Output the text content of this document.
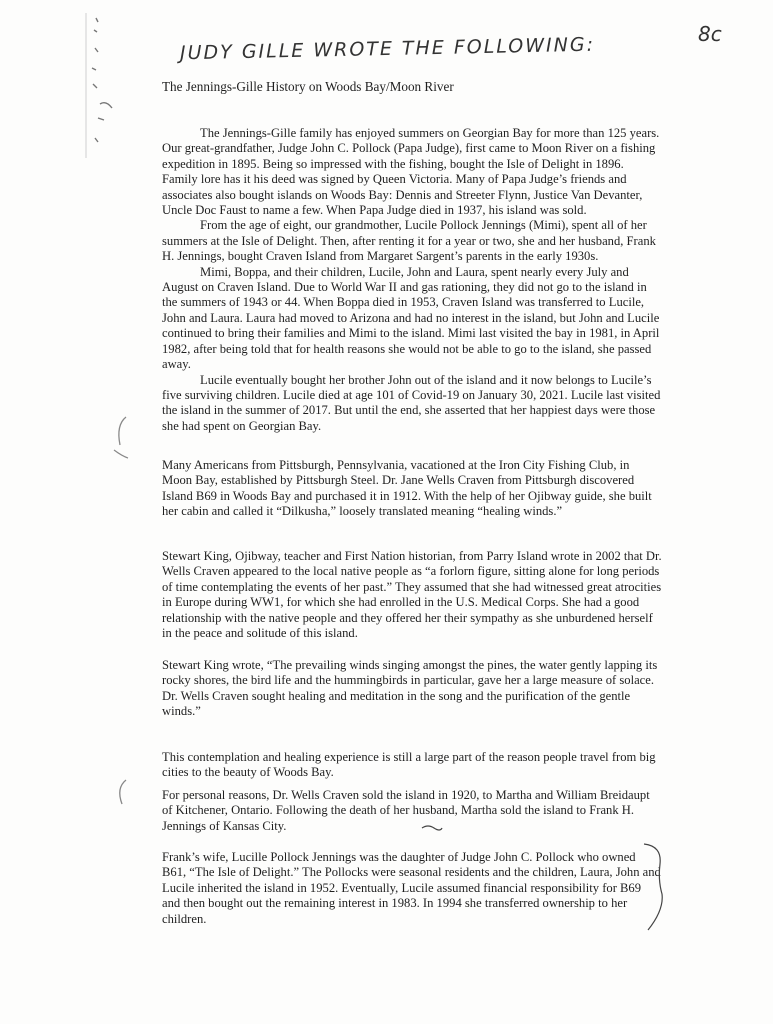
JUDY GILLE WROTE THE FOLLOWING:	8c
The Jennings-Gille History on Woods Bay/Moon River

The Jennings-Gille family has enjoyed summers on Georgian Bay for more than 125 years. Our great-grandfather, Judge John C. Pollock (Papa Judge), first came to Moon River on a fishing expedition in 1895. Being so impressed with the fishing, bought the Isle of Delight in 1896. Family lore has it his deed was signed by Queen Victoria. Many of Papa Judge’s friends and associates also bought islands on Woods Bay: Dennis and Streeter Flynn, Justice Van Devanter, Uncle Doc Faust to name a few. When Papa Judge died in 1937, his island was sold.

From the age of eight, our grandmother, Lucile Pollock Jennings (Mimi), spent all of her summers at the Isle of Delight. Then, after renting it for a year or two, she and her husband, Frank H. Jennings, bought Craven Island from Margaret Sargent’s parents in the early 1930s.

Mimi, Boppa, and their children, Lucile, John and Laura, spent nearly every July and August on Craven Island. Due to World War II and gas rationing, they did not go to the island in the summers of 1943 or 44. When Boppa died in 1953, Craven Island was transferred to Lucile, John and Laura. Laura had moved to Arizona and had no interest in the island, but John and Lucile continued to bring their families and Mimi to the island. Mimi last visited the bay in 1981, in April 1982, after being told that for health reasons she would not be able to go to the island, she passed away.

Lucile eventually bought her brother John out of the island and it now belongs to Lucile’s five surviving children. Lucile died at age 101 of Covid-19 on January 30, 2021. Lucile last visited the island in the summer of 2017. But until the end, she asserted that her happiest days were those she had spent on Georgian Bay.

Many Americans from Pittsburgh, Pennsylvania, vacationed at the Iron City Fishing Club, in Moon Bay, established by Pittsburgh Steel. Dr. Jane Wells Craven from Pittsburgh discovered Island B69 in Woods Bay and purchased it in 1912. With the help of her Ojibway guide, she built her cabin and called it “Dilkusha,” loosely translated meaning “healing winds.”
Stewart King, Ojibway, teacher and First Nation historian, from Parry Island wrote in 2002 that Dr. Wells Craven appeared to the local native people as “a forlorn figure, sitting alone for long periods of time contemplating the events of her past.” They assumed that she had witnessed great atrocities in Europe during WW1, for which she had enrolled in the U.S. Medical Corps. She had a good relationship with the native people and they offered her their sympathy as she unburdened herself in the peace and solitude of this island.
Stewart King wrote, “The prevailing winds singing amongst the pines, the water gently lapping its rocky shores, the bird life and the hummingbirds in particular, gave her a large measure of solace. Dr. Wells Craven sought healing and meditation in the song and the purification of the gentle winds.”
This contemplation and healing experience is still a large part of the reason people travel from big cities to the beauty of Woods Bay.
For personal reasons, Dr. Wells Craven sold the island in 1920, to Martha and William Breidaupt of Kitchener, Ontario. Following the death of her husband, Martha sold the island to Frank H. Jennings of Kansas City.
Frank’s wife, Lucille Pollock Jennings was the daughter of Judge John C. Pollock who owned B61, “The Isle of Delight.” The Pollocks were seasonal residents and the children, Laura, John and Lucile inherited the island in 1952. Eventually, Lucile assumed financial responsibility for B69 and then bought out the remaining interest in 1983. In 1994 she transferred ownership to her children.
